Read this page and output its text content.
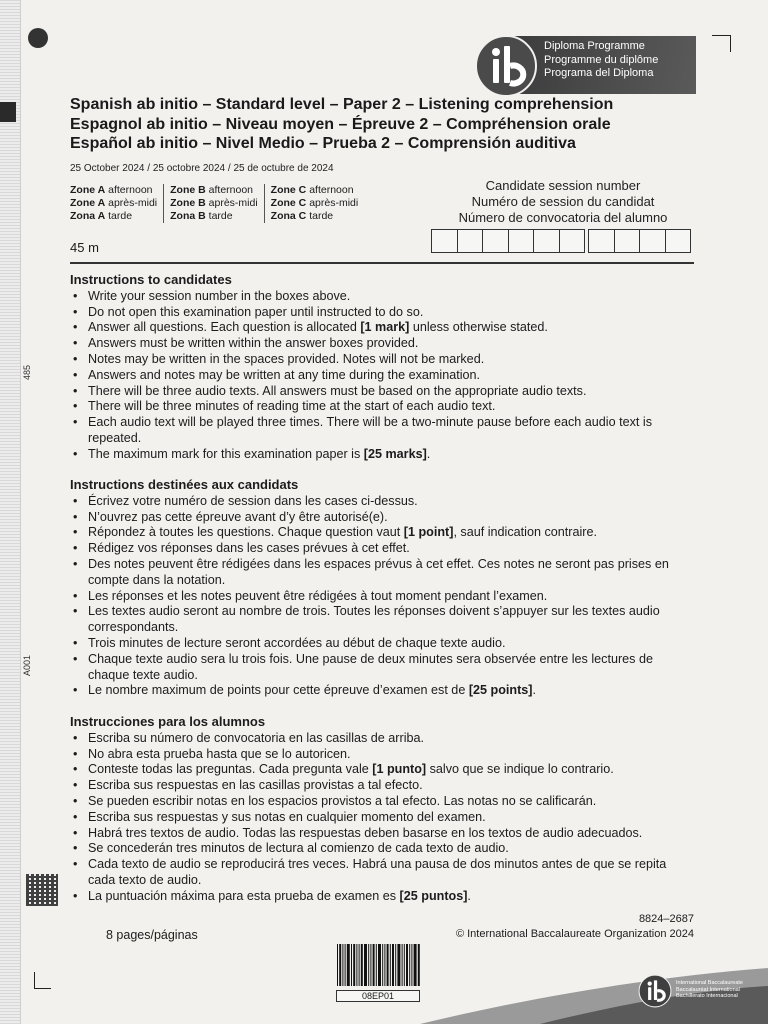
485
A001
Diploma Programme
Programme du diplôme
Programa del Diploma
Spanish ab initio – Standard level – Paper 2 – Listening comprehension
Espagnol ab initio – Niveau moyen – Épreuve 2 – Compréhension orale
Español ab initio – Nivel Medio – Prueba 2 – Comprensión auditiva
25 October 2024 / 25 octobre 2024 / 25 de octubre de 2024
Zone A afternoon
Zone A après-midi
Zona A tarde
Zone B afternoon
Zone B après-midi
Zona B tarde
Zone C afternoon
Zone C après-midi
Zona C tarde
Candidate session number
Numéro de session du candidat
Número de convocatoria del alumno
45 m
Instructions to candidates
• Write your session number in the boxes above.
• Do not open this examination paper until instructed to do so.
• Answer all questions. Each question is allocated [1 mark] unless otherwise stated.
• Answers must be written within the answer boxes provided.
• Notes may be written in the spaces provided. Notes will not be marked.
• Answers and notes may be written at any time during the examination.
• There will be three audio texts. All answers must be based on the appropriate audio texts.
• There will be three minutes of reading time at the start of each audio text.
• Each audio text will be played three times. There will be a two-minute pause before each audio text is repeated.
• The maximum mark for this examination paper is [25 marks].
Instructions destinées aux candidats
• Écrivez votre numéro de session dans les cases ci-dessus.
• N’ouvrez pas cette épreuve avant d’y être autorisé(e).
• Répondez à toutes les questions. Chaque question vaut [1 point], sauf indication contraire.
• Rédigez vos réponses dans les cases prévues à cet effet.
• Des notes peuvent être rédigées dans les espaces prévus à cet effet. Ces notes ne seront pas prises en compte dans la notation.
• Les réponses et les notes peuvent être rédigées à tout moment pendant l’examen.
• Les textes audio seront au nombre de trois. Toutes les réponses doivent s’appuyer sur les textes audio correspondants.
• Trois minutes de lecture seront accordées au début de chaque texte audio.
• Chaque texte audio sera lu trois fois. Une pause de deux minutes sera observée entre les lectures de chaque texte audio.
• Le nombre maximum de points pour cette épreuve d’examen est de [25 points].
Instrucciones para los alumnos
• Escriba su número de convocatoria en las casillas de arriba.
• No abra esta prueba hasta que se lo autoricen.
• Conteste todas las preguntas. Cada pregunta vale [1 punto] salvo que se indique lo contrario.
• Escriba sus respuestas en las casillas provistas a tal efecto.
• Se pueden escribir notas en los espacios provistos a tal efecto. Las notas no se calificarán.
• Escriba sus respuestas y sus notas en cualquier momento del examen.
• Habrá tres textos de audio. Todas las respuestas deben basarse en los textos de audio adecuados.
• Se concederán tres minutos de lectura al comienzo de cada texto de audio.
• Cada texto de audio se reproducirá tres veces. Habrá una pausa de dos minutos antes de que se repita cada texto de audio.
• La puntuación máxima para esta prueba de examen es [25 puntos].
8824–2687
8 pages/páginas	© International Baccalaureate Organization 2024
08EP01
International Baccalaureate
Baccalauréat International
Bachillerato Internacional
